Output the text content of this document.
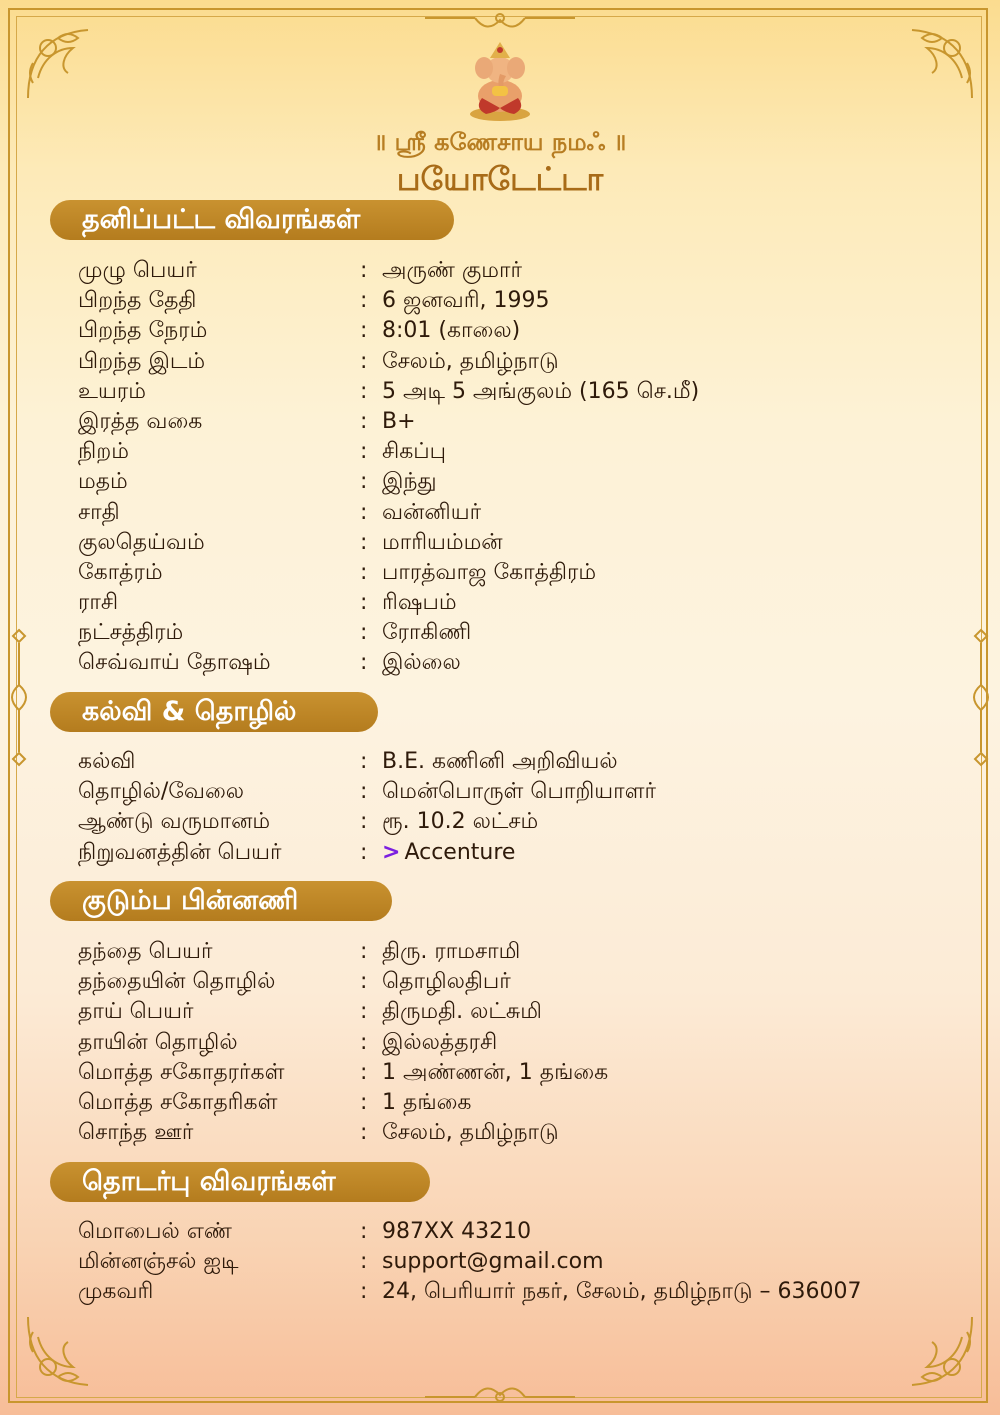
॥ ஸ்ரீ கணேசாய நமஃ ॥
பயோடேட்டா
தனிப்பட்ட விவரங்கள்
முழு பெயர்	: அருண் குமார்
பிறந்த தேதி	: 6 ஜனவரி, 1995
பிறந்த நேரம்	: 8:01 (காலை)
பிறந்த இடம்	: சேலம், தமிழ்நாடு
உயரம்	: 5 அடி 5 அங்குலம் (165 செ.மீ)
இரத்த வகை	: B+
நிறம்	: சிகப்பு
மதம்	: இந்து
சாதி	: வன்னியர்
குலதெய்வம்	: மாரியம்மன்
கோத்ரம்	: பாரத்வாஜ கோத்திரம்
ராசி	: ரிஷபம்
நட்சத்திரம்	: ரோகிணி
செவ்வாய் தோஷம்	: இல்லை
கல்வி & தொழில்
கல்வி	: B.E. கணினி அறிவியல்
தொழில்/வேலை	: மென்பொருள் பொறியாளர்
ஆண்டு வருமானம்	: ரூ. 10.2 லட்சம்
நிறுவனத்தின் பெயர்	: > Accenture
குடும்ப பின்னணி
தந்தை பெயர்	: திரு. ராமசாமி
தந்தையின் தொழில்	: தொழிலதிபர்
தாய் பெயர்	: திருமதி. லட்சுமி
தாயின் தொழில்	: இல்லத்தரசி
மொத்த சகோதரர்கள்	: 1 அண்ணன், 1 தங்கை
மொத்த சகோதரிகள்	: 1 தங்கை
சொந்த ஊர்	: சேலம், தமிழ்நாடு
தொடர்பு விவரங்கள்
மொபைல் எண்	: 987XX 43210
மின்னஞ்சல் ஐடி	: support@gmail.com
முகவரி	: 24, பெரியார் நகர், சேலம், தமிழ்நாடு – 636007
